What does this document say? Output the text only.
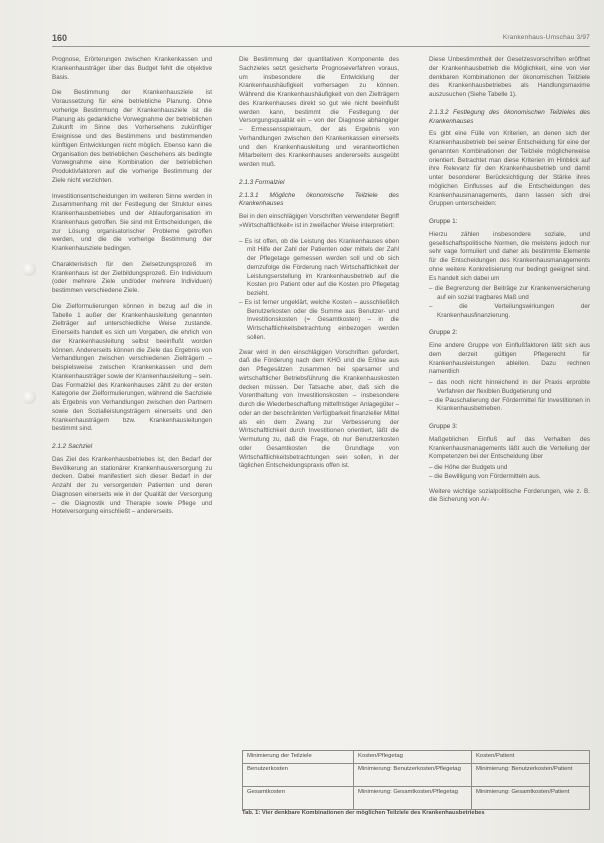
160	Krankenhaus-Umschau 3/97

Prognose, Erörterungen zwischen Krankenkassen und Krankenhausträger über das Budget fehlt die objektive Basis.

Die Bestimmung der Krankenhausziele ist Voraussetzung für eine betriebliche Planung. Ohne vorherige Bestimmung der Krankenhausziele ist die Planung als gedankliche Vorwegnahme der betrieblichen Zukunft im Sinne des Vorhersehens zukünftiger Ereignisse und des Bestimmens und bestimmenden künftigen Entwicklungen nicht möglich. Ebenso kann die Organisation des betrieblichen Geschehens als bedingte Vorwegnahme eine Kombination der betrieblichen Produktivfaktoren auf die vorherige Bestimmung der Ziele nicht verzichten.

Investitionsentscheidungen im weiteren Sinne werden in Zusammenhang mit der Festlegung der Struktur eines Krankenhausbetriebes und der Ablauforganisation im Krankenhaus getroffen. Sie sind mit Entscheidungen, die zur Lösung organisatorischer Probleme getroffen werden, und die die vorherige Bestimmung der Krankenhausziele bedingen.

Charakteristisch für den Zielsetzungsprozeß im Krankenhaus ist der Zielbildungsprozeß. Ein Individuum (oder mehrere Ziele und/oder mehrere Individuen) bestimmen verschiedene Ziele.

Die Zielformulierungen können in bezug auf die in Tabelle 1 außer der Krankenhausleitung genannten Zielträger auf unterschiedliche Weise zustande. Einerseits handelt es sich um Vorgaben, die ehrlich von der Krankenhausleitung selbst beeinflußt worden können. Andererseits können die Ziele das Ergebnis von Verhandlungen zwischen verschiedenen Zielträgern – beispielsweise zwischen Krankenkassen und dem Krankenhausträger sowie der Krankenhausleitung – sein. Das Formalziel des Krankenhauses zählt zu der ersten Kategorie der Zielformulierungen, während die Sachziele als Ergebnis von Verhandlungen zwischen den Partnern sowie den Sozialleistungsträgern einerseits und den Krankenhausträgern bzw. Krankenhausleitungen bestimmt sind.

2.1.2 Sachziel

Das Ziel des Krankenhausbetriebes ist, den Bedarf der Bevölkerung an stationärer Krankenhausversorgung zu decken. Dabei manifestiert sich dieser Bedarf in der Anzahl der zu versorgenden Patienten und deren Diagnosen einerseits wie in der Qualität der Versorgung – die Diagnostik und Therapie sowie Pflege und Hotelversorgung einschließt – andererseits.

Die Bestimmung der quantitativen Komponente des Sachzieles setzt gesicherte Prognoseverfahren voraus, um insbesondere die Entwicklung der Krankenhaushäufigkeit vorhersagen zu können. Während die Krankenhaushäufigkeit von den Zielträgern des Krankenhauses direkt so gut wie nicht beeinflußt werden kann, bestimmt die Festlegung der Versorgungsqualität ein – von der Diagnose abhängiger – Ermessensspielraum, der als Ergebnis von Verhandlungen zwischen den Krankenkassen einerseits und den Krankenhausleitung und verantwortlichen Mitarbeitern des Krankenhauses andererseits ausgeübt werden muß.

2.1.3 Formalziel
2.1.3.1 Mögliche ökonomische Teilziele des Krankenhauses

Bei in den einschlägigen Vorschriften verwendeter Begriff »Wirtschaftlichkeit« ist in zweifacher Weise interpretiert:

– Es ist offen, ob die Leistung des Krankenhauses eben mit Hilfe der Zahl der Patienten oder mittels der Zahl der Pflegetage gemessen werden soll und ob sich demzufolge die Förderung nach Wirtschaftlichkeit der Leistungserstellung im Krankenhausbetrieb auf die Kosten pro Patient oder auf die Kosten pro Pflegetag bezieht.
– Es ist ferner ungeklärt, welche Kosten – ausschließlich Benutzerkosten oder die Summe aus Benutzer- und Investitionskosten (= Gesamtkosten) – in die Wirtschaftlichkeitsbetrachtung einbezogen werden sollen.

Zwar wird in den einschlägigen Vorschriften gefordert, daß die Förderung nach dem KHG und die Erlöse aus den Pflegesätzen zusammen bei sparsamer und wirtschaftlicher Betriebsführung die Krankenhauskosten decken müssen. Der Tatsache aber, daß sich die Vorenthaltung von Investitionskosten – insbesondere durch die Wiederbeschaffung mittelfristiger Anlagegüter – oder an der beschränkten Verfügbarkeit finanzieller Mittel als ein dem Zwang zur Verbesserung der Wirtschaftlichkeit durch Investitionen orientiert, läßt die Vermutung zu, daß die Frage, ob nur Benutzerkosten oder Gesamtkosten die Grundlage von Wirtschaftlichkeitsbetrachtungen sein sollen, in der täglichen Entscheidungspraxis offen ist.

Diese Unbestimmtheit der Gesetzesvorschriften eröffnet der Krankenhausbetrieb die Möglichkeit, eine von vier denkbaren Kombinationen der ökonomischen Teilziele des Krankenhausbetriebes als Handlungsmaxime auszusuchen (Siehe Tabelle 1).

2.1.3.2 Festlegung des ökonomischen Teilzieles des Krankenhauses

Es gibt eine Fülle von Kriterien, an denen sich der Krankenhausbetrieb bei seiner Entscheidung für eine der genannten Kombinationen der Teilziele möglicherweise orientiert. Betrachtet man diese Kriterien im Hinblick auf ihre Relevanz für den Krankenhausbetrieb und damit unter besonderer Berücksichtigung der Stärke ihres möglichen Einflusses auf die Entscheidungen des Krankenhausmanagements, dann lassen sich drei Gruppen unterscheiden:

Gruppe 1:

Hierzu zählen insbesondere soziale, und gesellschaftspolitische Normen, die meistens jedoch nur sehr vage formuliert und daher als bestimmte Elemente für die Entscheidungen des Krankenhausmanagements ohne weitere Konkretisierung nur bedingt geeignet sind. Es handelt sich dabei um

– die Begrenzung der Beiträge zur Krankenversicherung auf ein sozial tragbares Maß und
– die Verteilungswirkungen der Krankenhausfinanzierung.
Gruppe 2:

Eine andere Gruppe von Einflußfaktoren läßt sich aus dem derzeit gültigen Pflegerecht für Krankenhausleistungen ableiten. Dazu rechnen namentlich

– das noch nicht hinreichend in der Praxis erprobte Verfahren der flexiblen Budgetierung und
– die Pauschalierung der Fördermittel für Investitionen in Krankenhausbetrieben.
Gruppe 3:

Maßgeblichen Einfluß auf das Verhalten des Krankenhausmanagements läßt auch die Verteilung der Kompetenzen bei der Entscheidung über

– die Höhe der Budgets und
– die Bewilligung von Fördermitteln aus.

Weitere wichtige sozialpolitische Forderungen, wie z. B. die Sicherung von Ar-

Minimierung der Teilziele	Kosten/Pflegetag	Kosten/Patient
Benutzerkosten	Minimierung: Benutzerkosten/Pflegetag	Minimierung: Benutzerkosten/Patient
Gesamtkosten	Minimierung: Gesamtkosten/Pflegetag	Minimierung: Gesamtkosten/Patient
Tab. 1: Vier denkbare Kombinationen der möglichen Teilziele des Krankenhausbetriebes
